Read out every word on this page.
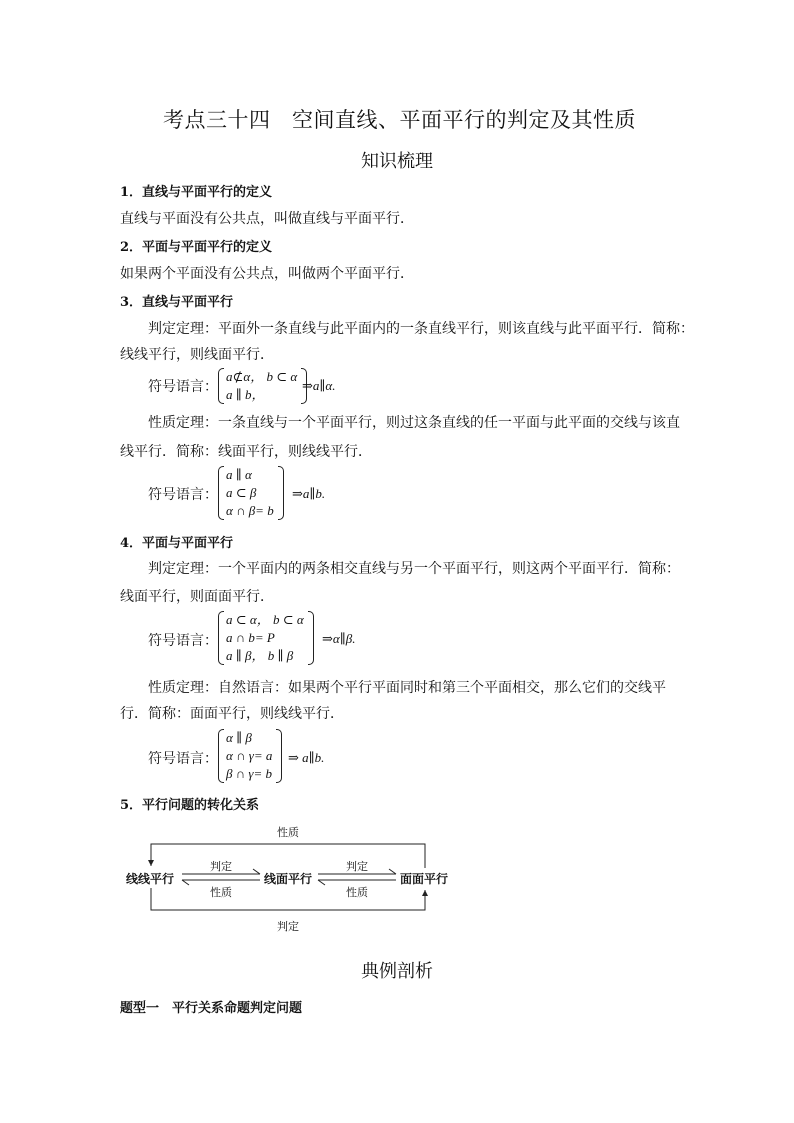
考点三十四　空间直线、平面平行的判定及其性质
知识梳理
1．直线与平面平行的定义
直线与平面没有公共点，叫做直线与平面平行．
2．平面与平面平行的定义
如果两个平面没有公共点，叫做两个平面平行．
3．直线与平面平行
判定定理：平面外一条直线与此平面内的一条直线平行，则该直线与此平面平行．简称：
线线平行，则线面平行．
符号语言：
a⊄α， b ⊂ α
a ∥ b，
⇒a∥α.
性质定理：一条直线与一个平面平行，则过这条直线的任一平面与此平面的交线与该直
线平行．简称：线面平行，则线线平行．
符号语言：
a ∥ α
a ⊂ β
α ∩ β= b
⇒a∥b.
4．平面与平面平行
判定定理：一个平面内的两条相交直线与另一个平面平行，则这两个平面平行．简称：
线面平行，则面面平行．
符号语言：
a ⊂ α， b ⊂ α
a ∩ b= P
a ∥ β， b ∥ β
⇒α∥β.
性质定理：自然语言：如果两个平行平面同时和第三个平面相交，那么它们的交线平
行．简称：面面平行，则线线平行．
符号语言：
α ∥ β
α ∩ γ= a
β ∩ γ= b
⇒ a∥b.
5．平行问题的转化关系
性质
判定
线线平行	线面平行	面面平行
判定
性质
判定
性质
典例剖析
题型一　平行关系命题判定问题
